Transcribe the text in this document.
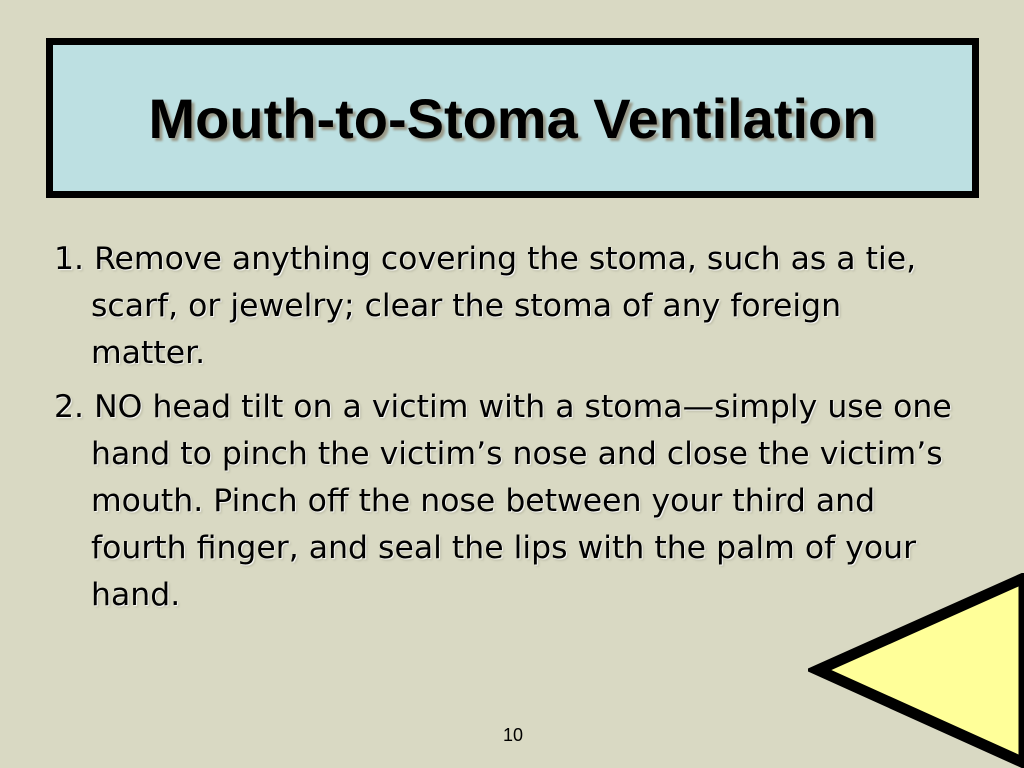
Mouth-to-Stoma Ventilation
1. Remove anything covering the stoma, such as a tie, scarf, or jewelry; clear the stoma of any foreign matter.
2. NO head tilt on a victim with a stoma—simply use one hand to pinch the victim’s nose and close the victim’s mouth. Pinch off the nose between your third and fourth finger, and seal the lips with the palm of your hand.
10
